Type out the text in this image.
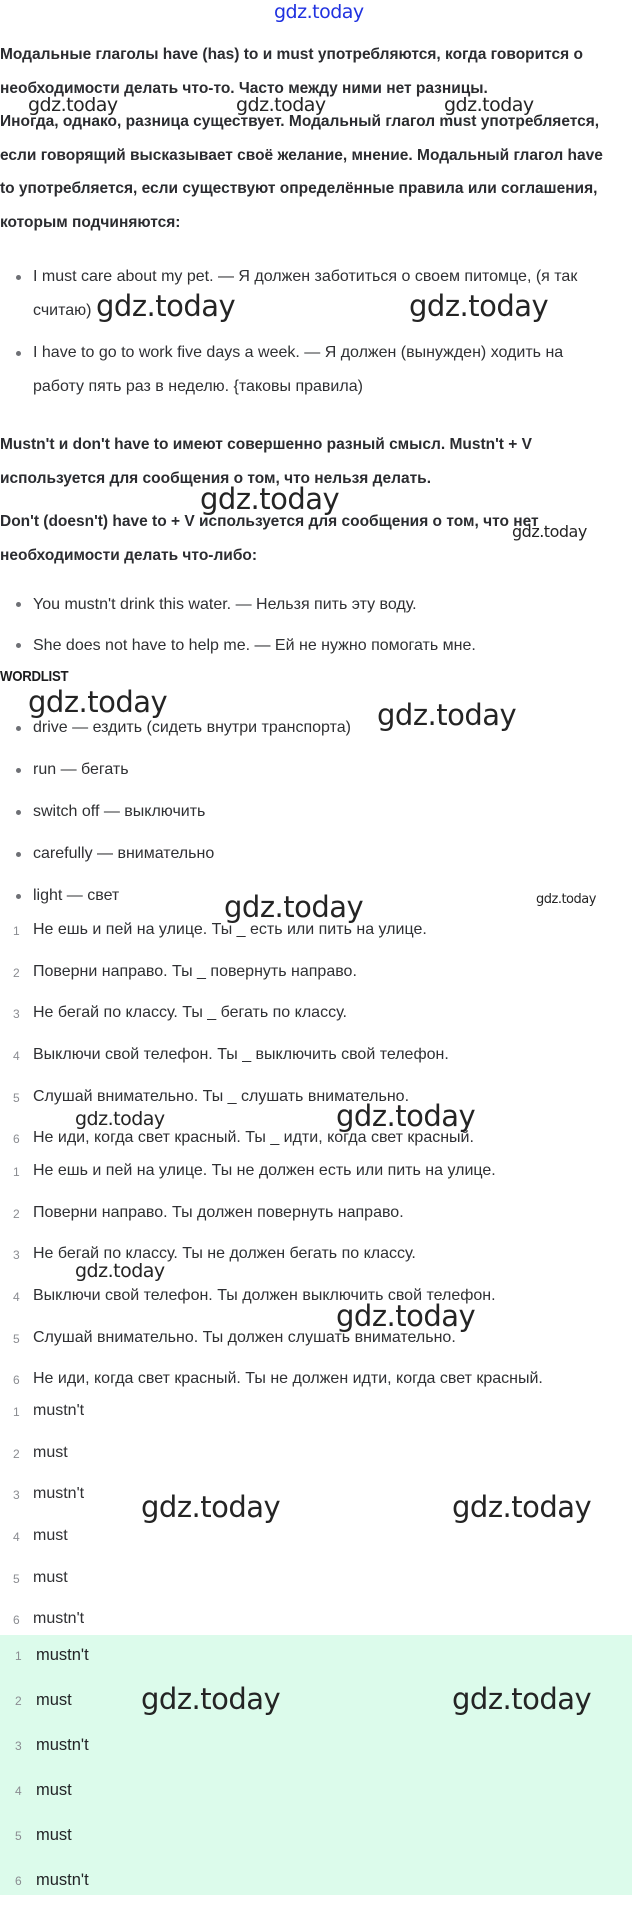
gdz.today

Модальные глаголы have (has) to и must употребляются, когда говорится о необходимости делать что-то. Часто между ними нет разницы.

Иногда, однако, разница существует. Модальный глагол must употребляется, если говорящий высказывает своё желание, мнение. Модальный глагол have to употребляется, если существуют определённые правила или соглашения, которым подчиняются:

I must care about my pet. — Я должен заботиться о своем питомце, (я так считаю)
I have to go to work five days a week. — Я должен (вынужден) ходить на работу пять раз в неделю. {таковы правила)

Mustn't и don't have to имеют совершенно разный смысл. Mustn't + V используется для сообщения о том, что нельзя делать.

Don't (doesn't) have to + V используется для сообщения о том, что нет необходимости делать что-либо:

You mustn't drink this water. — Нельзя пить эту воду.
She does not have to help me. — Ей не нужно помогать мне.
WORDLIST
drive — ездить (сидеть внутри транспорта)
run — бегать
switch off — выключить
carefully — внимательно
light — свет
1 Не ешь и пей на улице. Ты _ есть или пить на улице.
2 Поверни направо. Ты _ повернуть направо.
3 Не бегай по классу. Ты _ бегать по классу.
4 Выключи свой телефон. Ты _ выключить свой телефон.
5 Слушай внимательно. Ты _ слушать внимательно.
6 Не иди, когда свет красный. Ты _ идти, когда свет красный.
1 Не ешь и пей на улице. Ты не должен есть или пить на улице.
2 Поверни направо. Ты должен повернуть направо.
3 Не бегай по классу. Ты не должен бегать по классу.
4 Выключи свой телефон. Ты должен выключить свой телефон.
5 Слушай внимательно. Ты должен слушать внимательно.
6 Не иди, когда свет красный. Ты не должен идти, когда свет красный.
1 mustn't
2 must
3 mustn't
4 must
5 must
6 mustn't
1 mustn't
2 must
3 mustn't
4 must
5 must
6 mustn't
gdz.today	gdz.today	gdz.today
gdz.today	gdz.today
gdz.today
gdz.today
gdz.today	gdz.today
gdz.today	gdz.today
gdz.today	gdz.today
gdz.today
gdz.today
gdz.today	gdz.today
gdz.today	gdz.today
